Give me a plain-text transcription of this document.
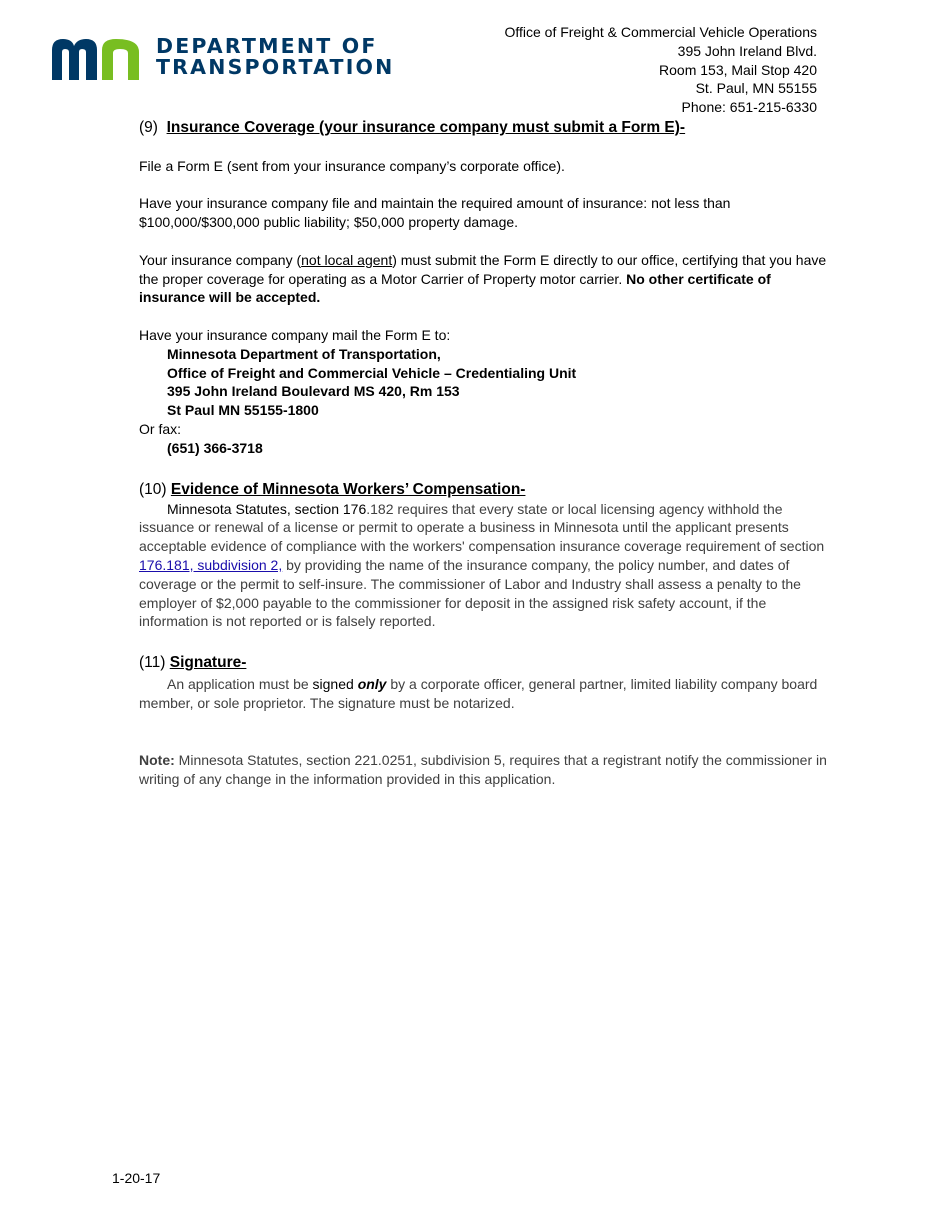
DEPARTMENT OF
TRANSPORTATION
Office of Freight & Commercial Vehicle Operations
395 John Ireland Blvd.
Room 153, Mail Stop 420
St. Paul, MN 55155
Phone: 651-215-6330

(9) Insurance Coverage (your insurance company must submit a Form E)-

File a Form E (sent from your insurance company’s corporate office).

Have your insurance company file and maintain the required amount of insurance: not less than $100,000/$300,000 public liability; $50,000 property damage.

Your insurance company (not local agent) must submit the Form E directly to our office, certifying that you have the proper coverage for operating as a Motor Carrier of Property motor carrier. No other certificate of insurance will be accepted.

Have your insurance company mail the Form E to:

Minnesota Department of Transportation,
Office of Freight and Commercial Vehicle – Credentialing Unit
395 John Ireland Boulevard MS 420, Rm 153
St Paul MN 55155-1800

Or fax:

(651) 366-3718

(10) Evidence of Minnesota Workers’ Compensation-

Minnesota Statutes, section 176.182 requires that every state or local licensing agency withhold the issuance or renewal of a license or permit to operate a business in Minnesota until the applicant presents acceptable evidence of compliance with the workers' compensation insurance coverage requirement of section 176.181, subdivision 2, by providing the name of the insurance company, the policy number, and dates of coverage or the permit to self-insure. The commissioner of Labor and Industry shall assess a penalty to the employer of $2,000 payable to the commissioner for deposit in the assigned risk safety account, if the information is not reported or is falsely reported.

(11) Signature-

An application must be signed only by a corporate officer, general partner, limited liability company board member, or sole proprietor. The signature must be notarized.

Note: Minnesota Statutes, section 221.0251, subdivision 5, requires that a registrant notify the commissioner in writing of any change in the information provided in this application.

1-20-17
